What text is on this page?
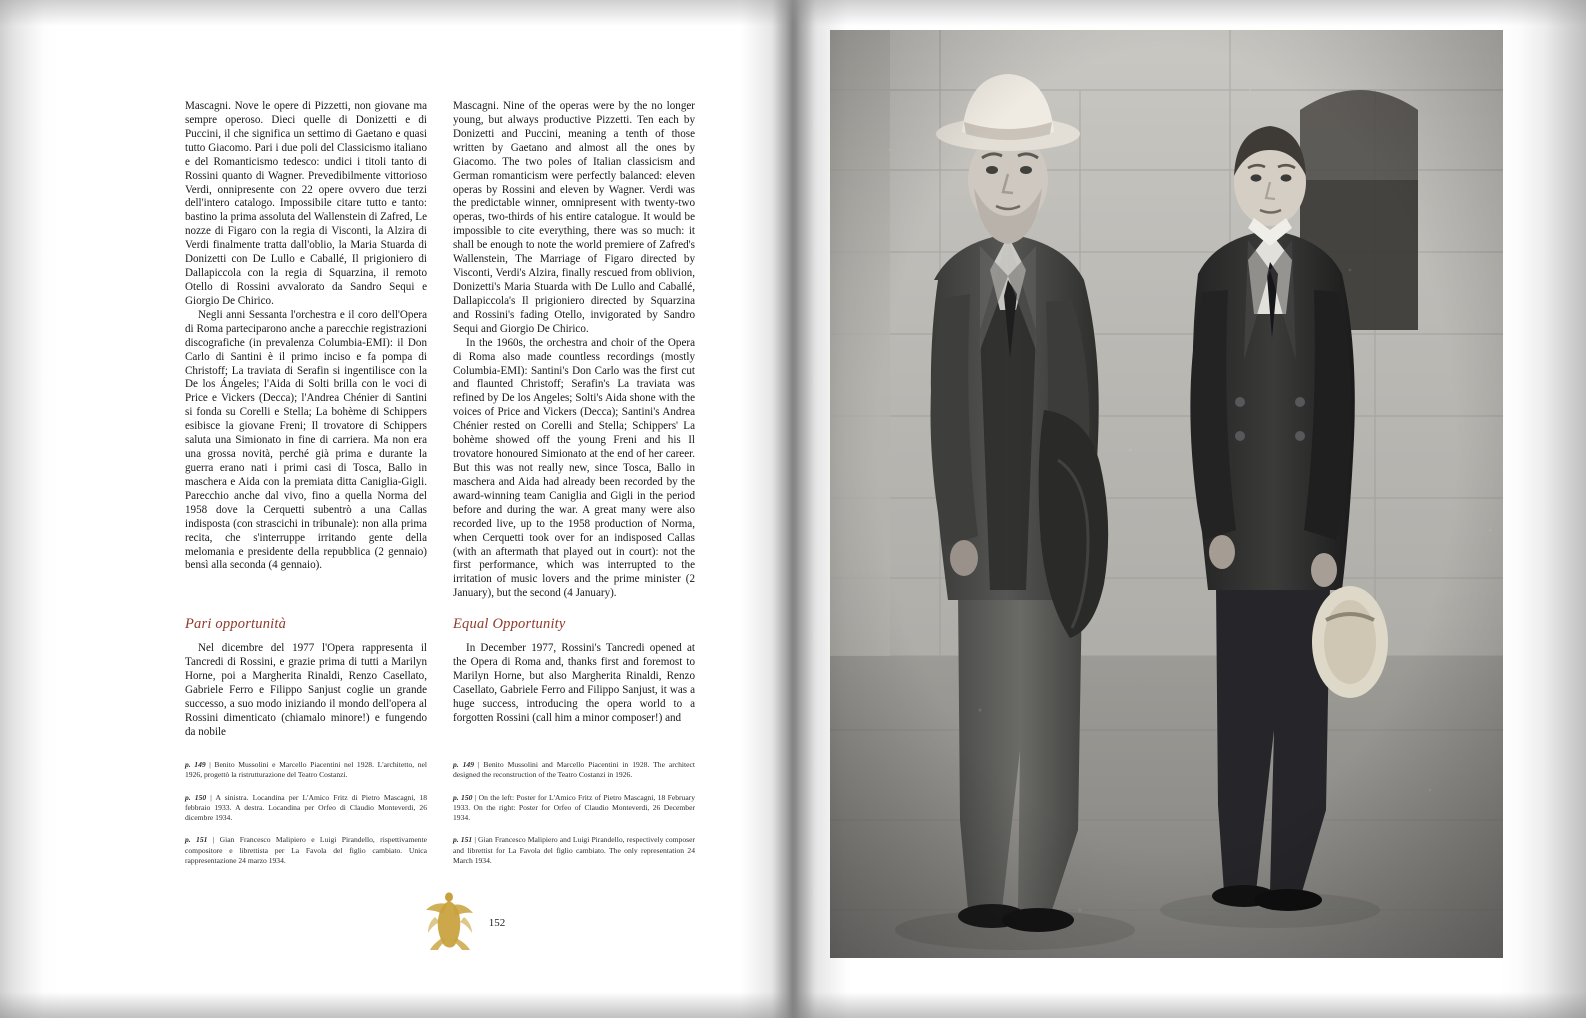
Mascagni. Nove le opere di Pizzetti, non giovane ma sempre operoso. Dieci quelle di Donizetti e di Puccini, il che significa un settimo di Gaetano e quasi tutto Giacomo. Pari i due poli del Classicismo italiano e del Romanticismo tedesco: undici i titoli tanto di Rossini quanto di Wagner. Prevedibilmente vittorioso Verdi, onnipresente con 22 opere ovvero due terzi dell'intero catalogo. Impossibile citare tutto e tanto: bastino la prima assoluta del Wallenstein di Zafred, Le nozze di Figaro con la regia di Visconti, la Alzira di Verdi finalmente tratta dall'oblio, la Maria Stuarda di Donizetti con De Lullo e Caballé, Il prigioniero di Dallapiccola con la regia di Squarzina, il remoto Otello di Rossini avvalorato da Sandro Sequi e Giorgio De Chirico.

Negli anni Sessanta l'orchestra e il coro dell'Opera di Roma parteciparono anche a parecchie registrazioni discografiche (in prevalenza Columbia-EMI): il Don Carlo di Santini è il primo inciso e fa pompa di Christoff; La traviata di Serafin si ingentilisce con la De los Ángeles; l'Aida di Solti brilla con le voci di Price e Vickers (Decca); l'Andrea Chénier di Santini si fonda su Corelli e Stella; La bohème di Schippers esibisce la giovane Freni; Il trovatore di Schippers saluta una Simionato in fine di carriera. Ma non era una grossa novità, perché già prima e durante la guerra erano nati i primi casi di Tosca, Ballo in maschera e Aida con la premiata ditta Caniglia-Gigli. Parecchio anche dal vivo, fino a quella Norma del 1958 dove la Cerquetti subentrò a una Callas indisposta (con strascichi in tribunale): non alla prima recita, che s'interruppe irritando gente della melomania e presidente della repubblica (2 gennaio) bensì alla seconda (4 gennaio).

Mascagni. Nine of the operas were by the no longer young, but always productive Pizzetti. Ten each by Donizetti and Puccini, meaning a tenth of those written by Gaetano and almost all the ones by Giacomo. The two poles of Italian classicism and German romanticism were perfectly balanced: eleven operas by Rossini and eleven by Wagner. Verdi was the predictable winner, omnipresent with twenty-two operas, two-thirds of his entire catalogue. It would be impossible to cite everything, there was so much: it shall be enough to note the world premiere of Zafred's Wallenstein, The Marriage of Figaro directed by Visconti, Verdi's Alzira, finally rescued from oblivion, Donizetti's Maria Stuarda with De Lullo and Caballé, Dallapiccola's Il prigioniero directed by Squarzina and Rossini's fading Otello, invigorated by Sandro Sequi and Giorgio De Chirico.

In the 1960s, the orchestra and choir of the Opera di Roma also made countless recordings (mostly Columbia-EMI): Santini's Don Carlo was the first cut and flaunted Christoff; Serafin's La traviata was refined by De los Angeles; Solti's Aida shone with the voices of Price and Vickers (Decca); Santini's Andrea Chénier rested on Corelli and Stella; Schippers' La bohème showed off the young Freni and his Il trovatore honoured Simionato at the end of her career. But this was not really new, since Tosca, Ballo in maschera and Aida had already been recorded by the award-winning team Caniglia and Gigli in the period before and during the war. A great many were also recorded live, up to the 1958 production of Norma, when Cerquetti took over for an indisposed Callas (with an aftermath that played out in court): not the first performance, which was interrupted to the irritation of music lovers and the prime minister (2 January), but the second (4 January).

Pari opportunità	Equal Opportunity

Nel dicembre del 1977 l'Opera rappresenta il Tancredi di Rossini, e grazie prima di tutti a Marilyn Horne, poi a Margherita Rinaldi, Renzo Casellato, Gabriele Ferro e Filippo Sanjust coglie un grande successo, a suo modo iniziando il mondo dell'opera al Rossini dimenticato (chiamalo minore!) e fungendo da nobile

In December 1977, Rossini's Tancredi opened at the Opera di Roma and, thanks first and foremost to Marilyn Horne, but also Margherita Rinaldi, Renzo Casellato, Gabriele Ferro and Filippo Sanjust, it was a huge success, introducing the opera world to a forgotten Rossini (call him a minor composer!) and

p. 149 | Benito Mussolini e Marcello Piacentini nel 1928. L'architetto, nel 1926, progettò la ristrutturazione del Teatro Costanzi.
p. 150 | A sinistra. Locandina per L'Amico Fritz di Pietro Mascagni, 18 febbraio 1933. A destra. Locandina per Orfeo di Claudio Monteverdi, 26 dicembre 1934.
p. 151 | Gian Francesco Malipiero e Luigi Pirandello, rispettivamente compositore e librettista per La Favola del figlio cambiato. Unica rappresentazione 24 marzo 1934.
p. 149 | Benito Mussolini and Marcello Piacentini in 1928. The architect designed the reconstruction of the Teatro Costanzi in 1926.
p. 150 | On the left: Poster for L'Amico Fritz of Pietro Mascagni, 18 February 1933. On the right: Poster for Orfeo of Claudio Monteverdi, 26 December 1934.
p. 151 | Gian Francesco Malipiero and Luigi Pirandello, respectively composer and librettist for La Favola del figlio cambiato. The only representation 24 March 1934.
152
